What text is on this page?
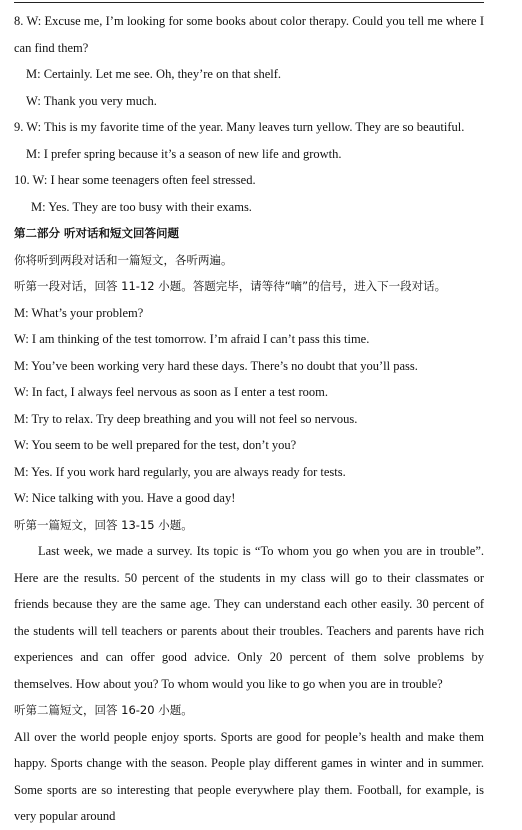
8. W: Excuse me, I’m looking for some books about color therapy. Could you tell me where I can find them?

M: Certainly. Let me see. Oh, they’re on that shelf.

W: Thank you very much.

9. W: This is my favorite time of the year. Many leaves turn yellow. They are so beautiful.

M: I prefer spring because it’s a season of new life and growth.

10. W: I hear some teenagers often feel stressed.

M: Yes. They are too busy with their exams.

第二部分 听对话和短文回答问题

你将听到两段对话和一篇短文，各听两遍。

听第一段对话，回答 11-12 小题。答题完毕，请等待“嘀”的信号，进入下一段对话。

M: What’s your problem?

W: I am thinking of the test tomorrow. I’m afraid I can’t pass this time.

M: You’ve been working very hard these days. There’s no doubt that you’ll pass.

W: In fact, I always feel nervous as soon as I enter a test room.

M: Try to relax. Try deep breathing and you will not feel so nervous.

W: You seem to be well prepared for the test, don’t you?

M: Yes. If you work hard regularly, you are always ready for tests.

W: Nice talking with you. Have a good day!

听第一篇短文，回答 13-15 小题。

Last week, we made a survey. Its topic is “To whom you go when you are in trouble”. Here are the results. 50 percent of the students in my class will go to their classmates or friends because they are the same age. They can understand each other easily. 30 percent of the students will tell teachers or parents about their troubles. Teachers and parents have rich experiences and can offer good advice. Only 20 percent of them solve problems by themselves. How about you? To whom would you like to go when you are in trouble?

听第二篇短文，回答 16-20 小题。

All over the world people enjoy sports. Sports are good for people’s health and make them happy. Sports change with the season. People play different games in winter and in summer. Some sports are so interesting that people everywhere play them. Football, for example, is very popular around
